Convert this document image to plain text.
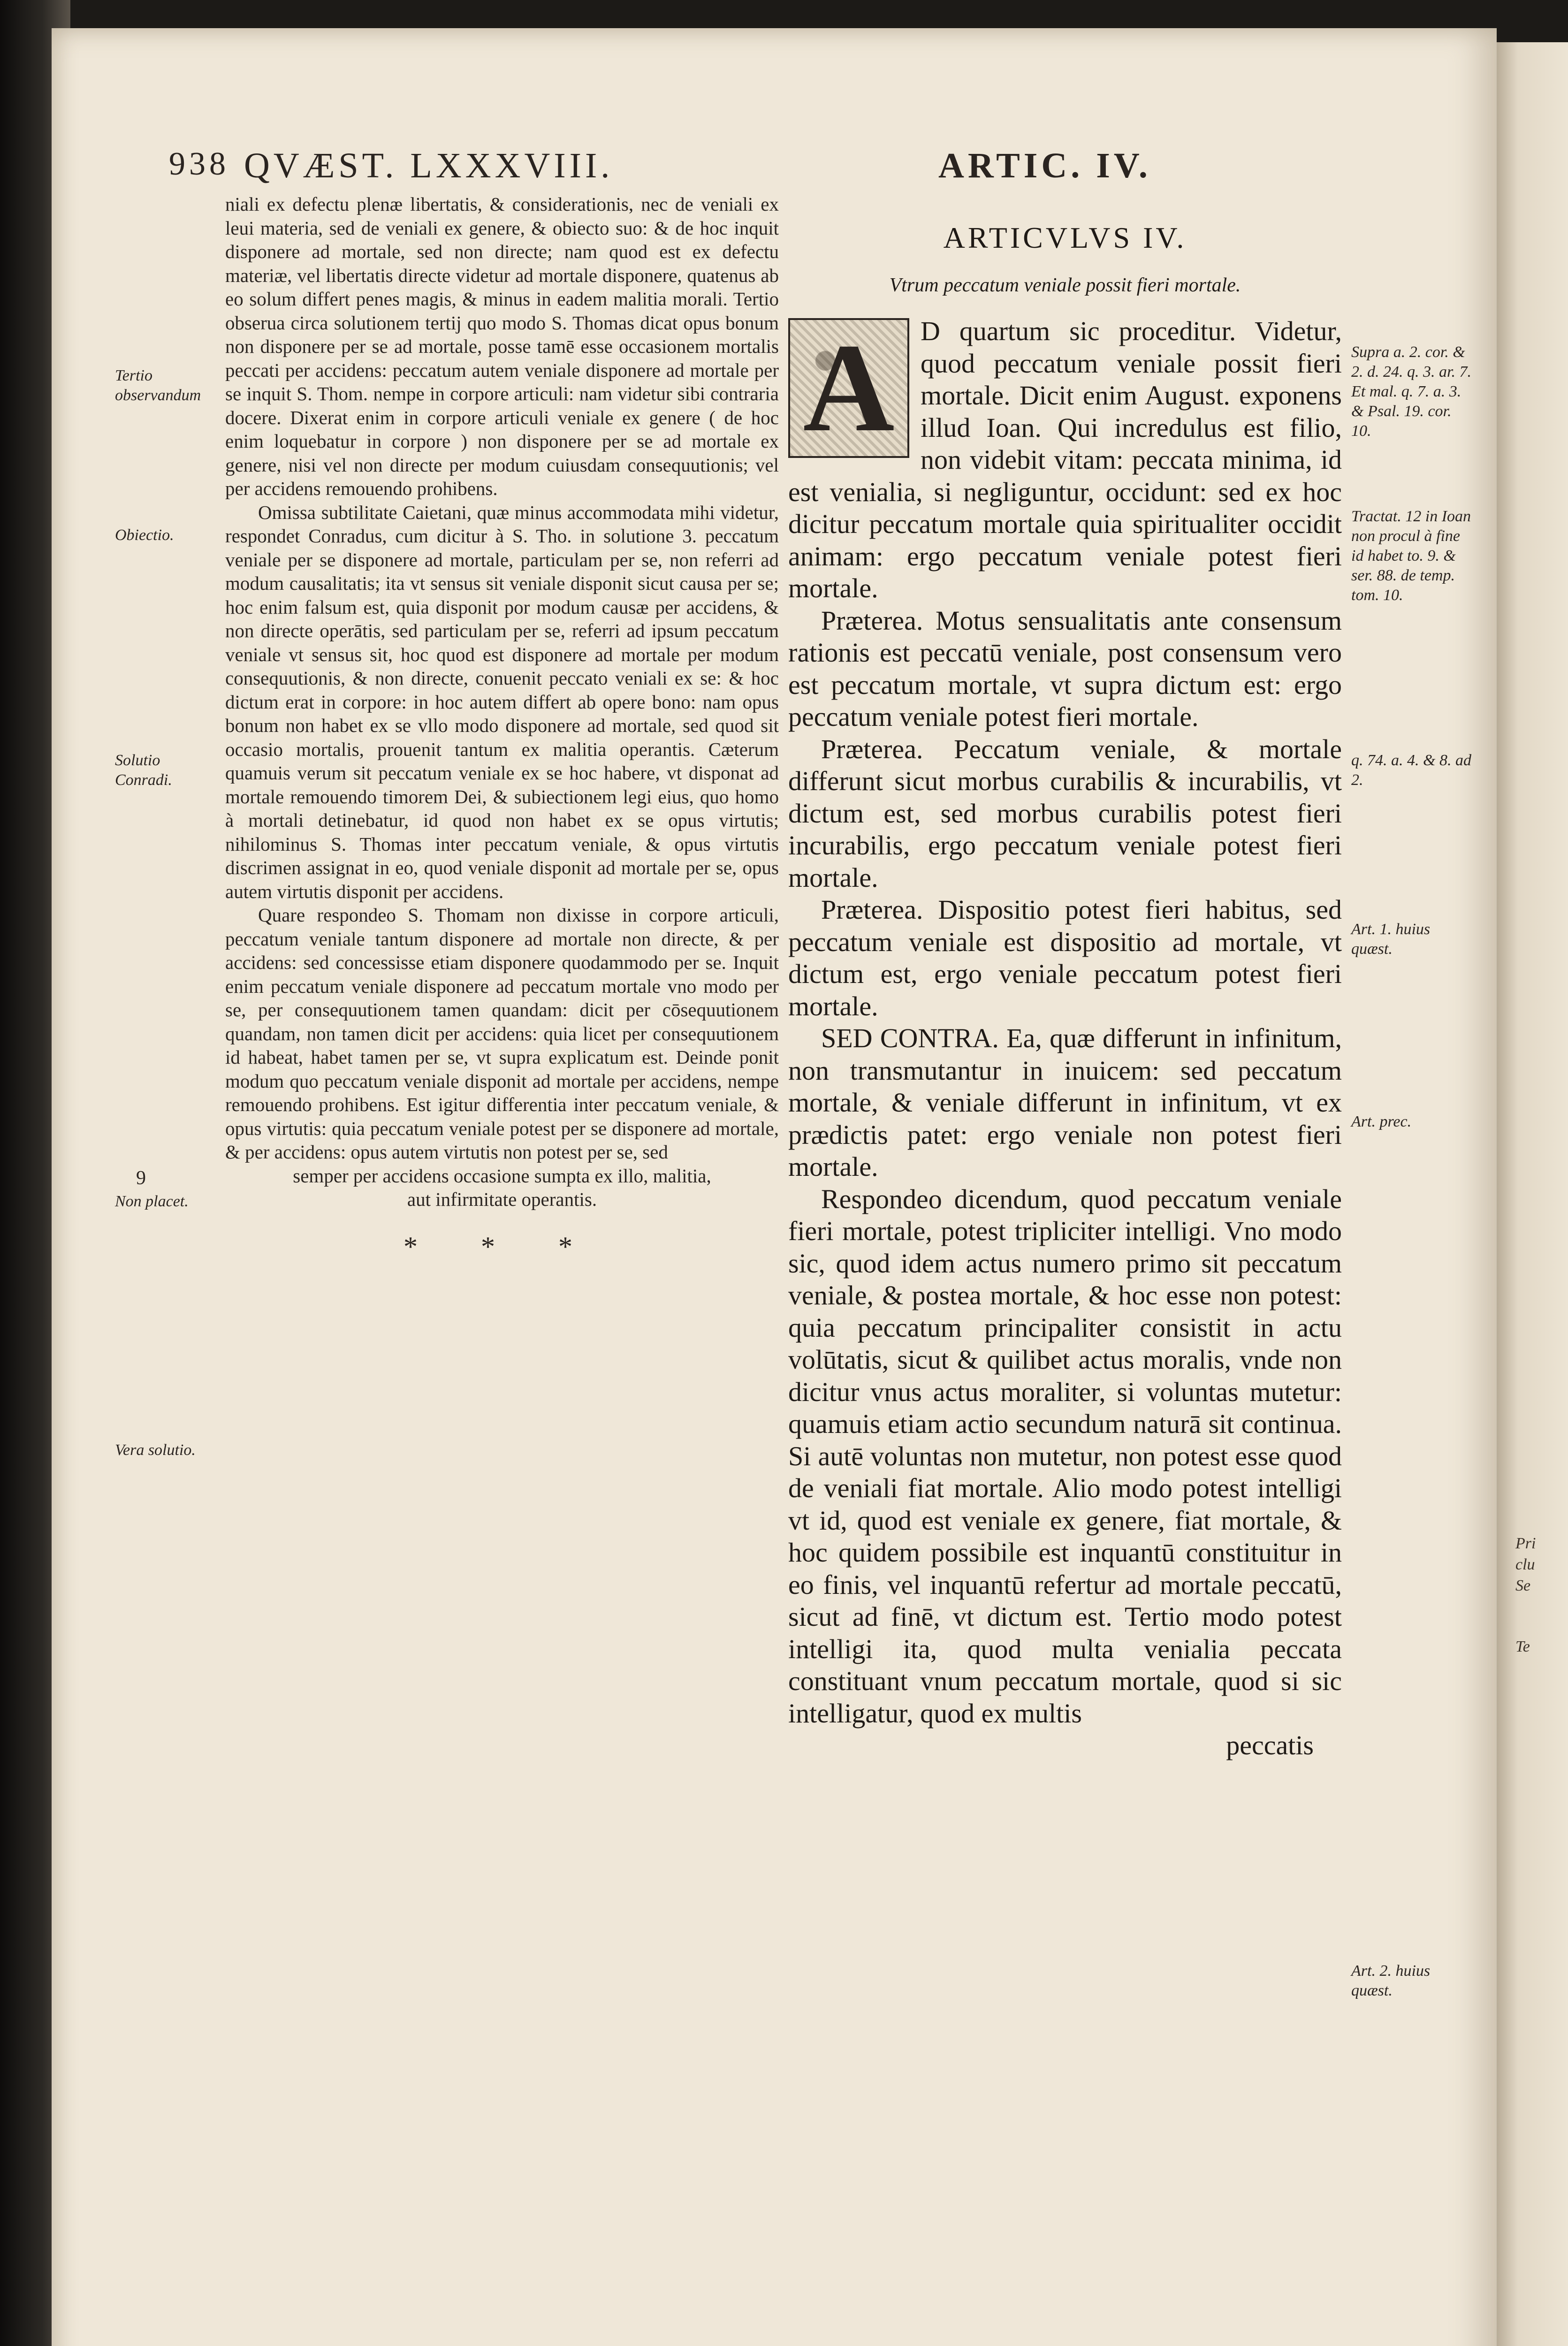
Pri
clu
Se
Te
938 QVÆST. LXXXVIII.	ARTIC. IV.
Tertio observandum
Obiectio.
Solutio Conradi.
9
Non placet.
Vera solutio.

niali ex defectu plenæ libertatis, & considerationis, nec de veniali ex leui materia, sed de veniali ex genere, & obiecto suo: & de hoc inquit disponere ad mortale, sed non directe; nam quod est ex defectu materiæ, vel libertatis directe videtur ad mortale disponere, quatenus ab eo solum differt penes magis, & minus in eadem malitia morali. Tertio obserua circa solutionem tertij quo modo S. Thomas dicat opus bonum non disponere per se ad mortale, posse tamē esse occasionem mortalis peccati per accidens: peccatum autem veniale disponere ad mortale per se inquit S. Thom. nempe in corpore articuli: nam videtur sibi contraria docere. Dixerat enim in corpore articuli veniale ex genere ( de hoc enim loquebatur in corpore ) non disponere per se ad mortale ex genere, nisi vel non directe per modum cuiusdam consequutionis; vel per accidens remouendo prohibens.

Omissa subtilitate Caietani, quæ minus accommodata mihi videtur, respondet Conradus, cum dicitur à S. Tho. in solutione 3. peccatum veniale per se disponere ad mortale, particulam per se, non referri ad modum causalitatis; ita vt sensus sit veniale disponit sicut causa per se; hoc enim falsum est, quia disponit por modum causæ per accidens, & non directe operātis, sed particulam per se, referri ad ipsum peccatum veniale vt sensus sit, hoc quod est disponere ad mortale per modum consequutionis, & non directe, conuenit peccato veniali ex se: & hoc dictum erat in corpore: in hoc autem differt ab opere bono: nam opus bonum non habet ex se vllo modo disponere ad mortale, sed quod sit occasio mortalis, prouenit tantum ex malitia operantis. Cæterum quamuis verum sit peccatum veniale ex se hoc habere, vt disponat ad mortale remouendo timorem Dei, & subiectionem legi eius, quo homo à mortali detinebatur, id quod non habet ex se opus virtutis; nihilominus S. Thomas inter peccatum veniale, & opus virtutis discrimen assignat in eo, quod veniale disponit ad mortale per se, opus autem virtutis disponit per accidens.

Quare respondeo S. Thomam non dixisse in corpore articuli, peccatum veniale tantum disponere ad mortale non directe, & per accidens: sed concessisse etiam disponere quodammodo per se. Inquit enim peccatum veniale disponere ad peccatum mortale vno modo per se, per consequutionem tamen quandam: dicit per cōsequutionem quandam, non tamen dicit per accidens: quia licet per consequutionem id habeat, habet tamen per se, vt supra explicatum est. Deinde ponit modum quo peccatum veniale disponit ad mortale per accidens, nempe remouendo prohibens. Est igitur differentia inter peccatum veniale, & opus virtutis: quia peccatum veniale potest per se disponere ad mortale, & per accidens: opus autem virtutis non potest per se, sed

semper per accidens occasione sumpta ex illo, malitia, aut infirmitate operantis.

* * *
ARTICVLVS IV.
Vtrum peccatum veniale possit fieri mortale.
A D quartum sic proceditur. Videtur, quod peccatum veniale possit fieri mortale. Dicit enim August. exponens illud Ioan. Qui incredulus est filio, non videbit vitam: peccata minima, id est venialia, si negliguntur, occidunt: sed ex hoc dicitur peccatum mortale quia spiritualiter occidit animam: ergo peccatum veniale potest fieri mortale.

Præterea. Motus sensualitatis ante consensum rationis est peccatū veniale, post consensum vero est peccatum mortale, vt supra dictum est: ergo peccatum veniale potest fieri mortale.

Præterea. Peccatum veniale, & mortale differunt sicut morbus curabilis & incurabilis, vt dictum est, sed morbus curabilis potest fieri incurabilis, ergo peccatum veniale potest fieri mortale.

Præterea. Dispositio potest fieri habitus, sed peccatum veniale est dispositio ad mortale, vt dictum est, ergo veniale peccatum potest fieri mortale.

SED CONTRA. Ea, quæ differunt in infinitum, non transmutantur in inuicem: sed peccatum mortale, & veniale differunt in infinitum, vt ex prædictis patet: ergo veniale non potest fieri mortale.

Respondeo dicendum, quod peccatum veniale fieri mortale, potest tripliciter intelligi. Vno modo sic, quod idem actus numero primo sit peccatum veniale, & postea mortale, & hoc esse non potest: quia peccatum principaliter consistit in actu volūtatis, sicut & quilibet actus moralis, vnde non dicitur vnus actus moraliter, si voluntas mutetur: quamuis etiam actio secundum naturā sit continua. Si autē voluntas non mutetur, non potest esse quod de veniali fiat mortale. Alio modo potest intelligi vt id, quod est veniale ex genere, fiat mortale, & hoc quidem possibile est inquantū constituitur in eo finis, vel inquantū refertur ad mortale peccatū, sicut ad finē, vt dictum est. Tertio modo potest intelligi ita, quod multa venialia peccata constituant vnum peccatum mortale, quod si sic intelligatur, quod ex multis

peccatis
Supra a. 2. cor. & 2. d. 24. q. 3. ar. 7. Et mal. q. 7. a. 3. & Psal. 19. cor. 10.
Tractat. 12 in Ioan non procul à fine id habet to. 9. & ser. 88. de temp. tom. 10.
q. 74. a. 4. & 8. ad 2.
Art. 1. huius quæst.
Art. prec.
Art. 2. huius quæst.
